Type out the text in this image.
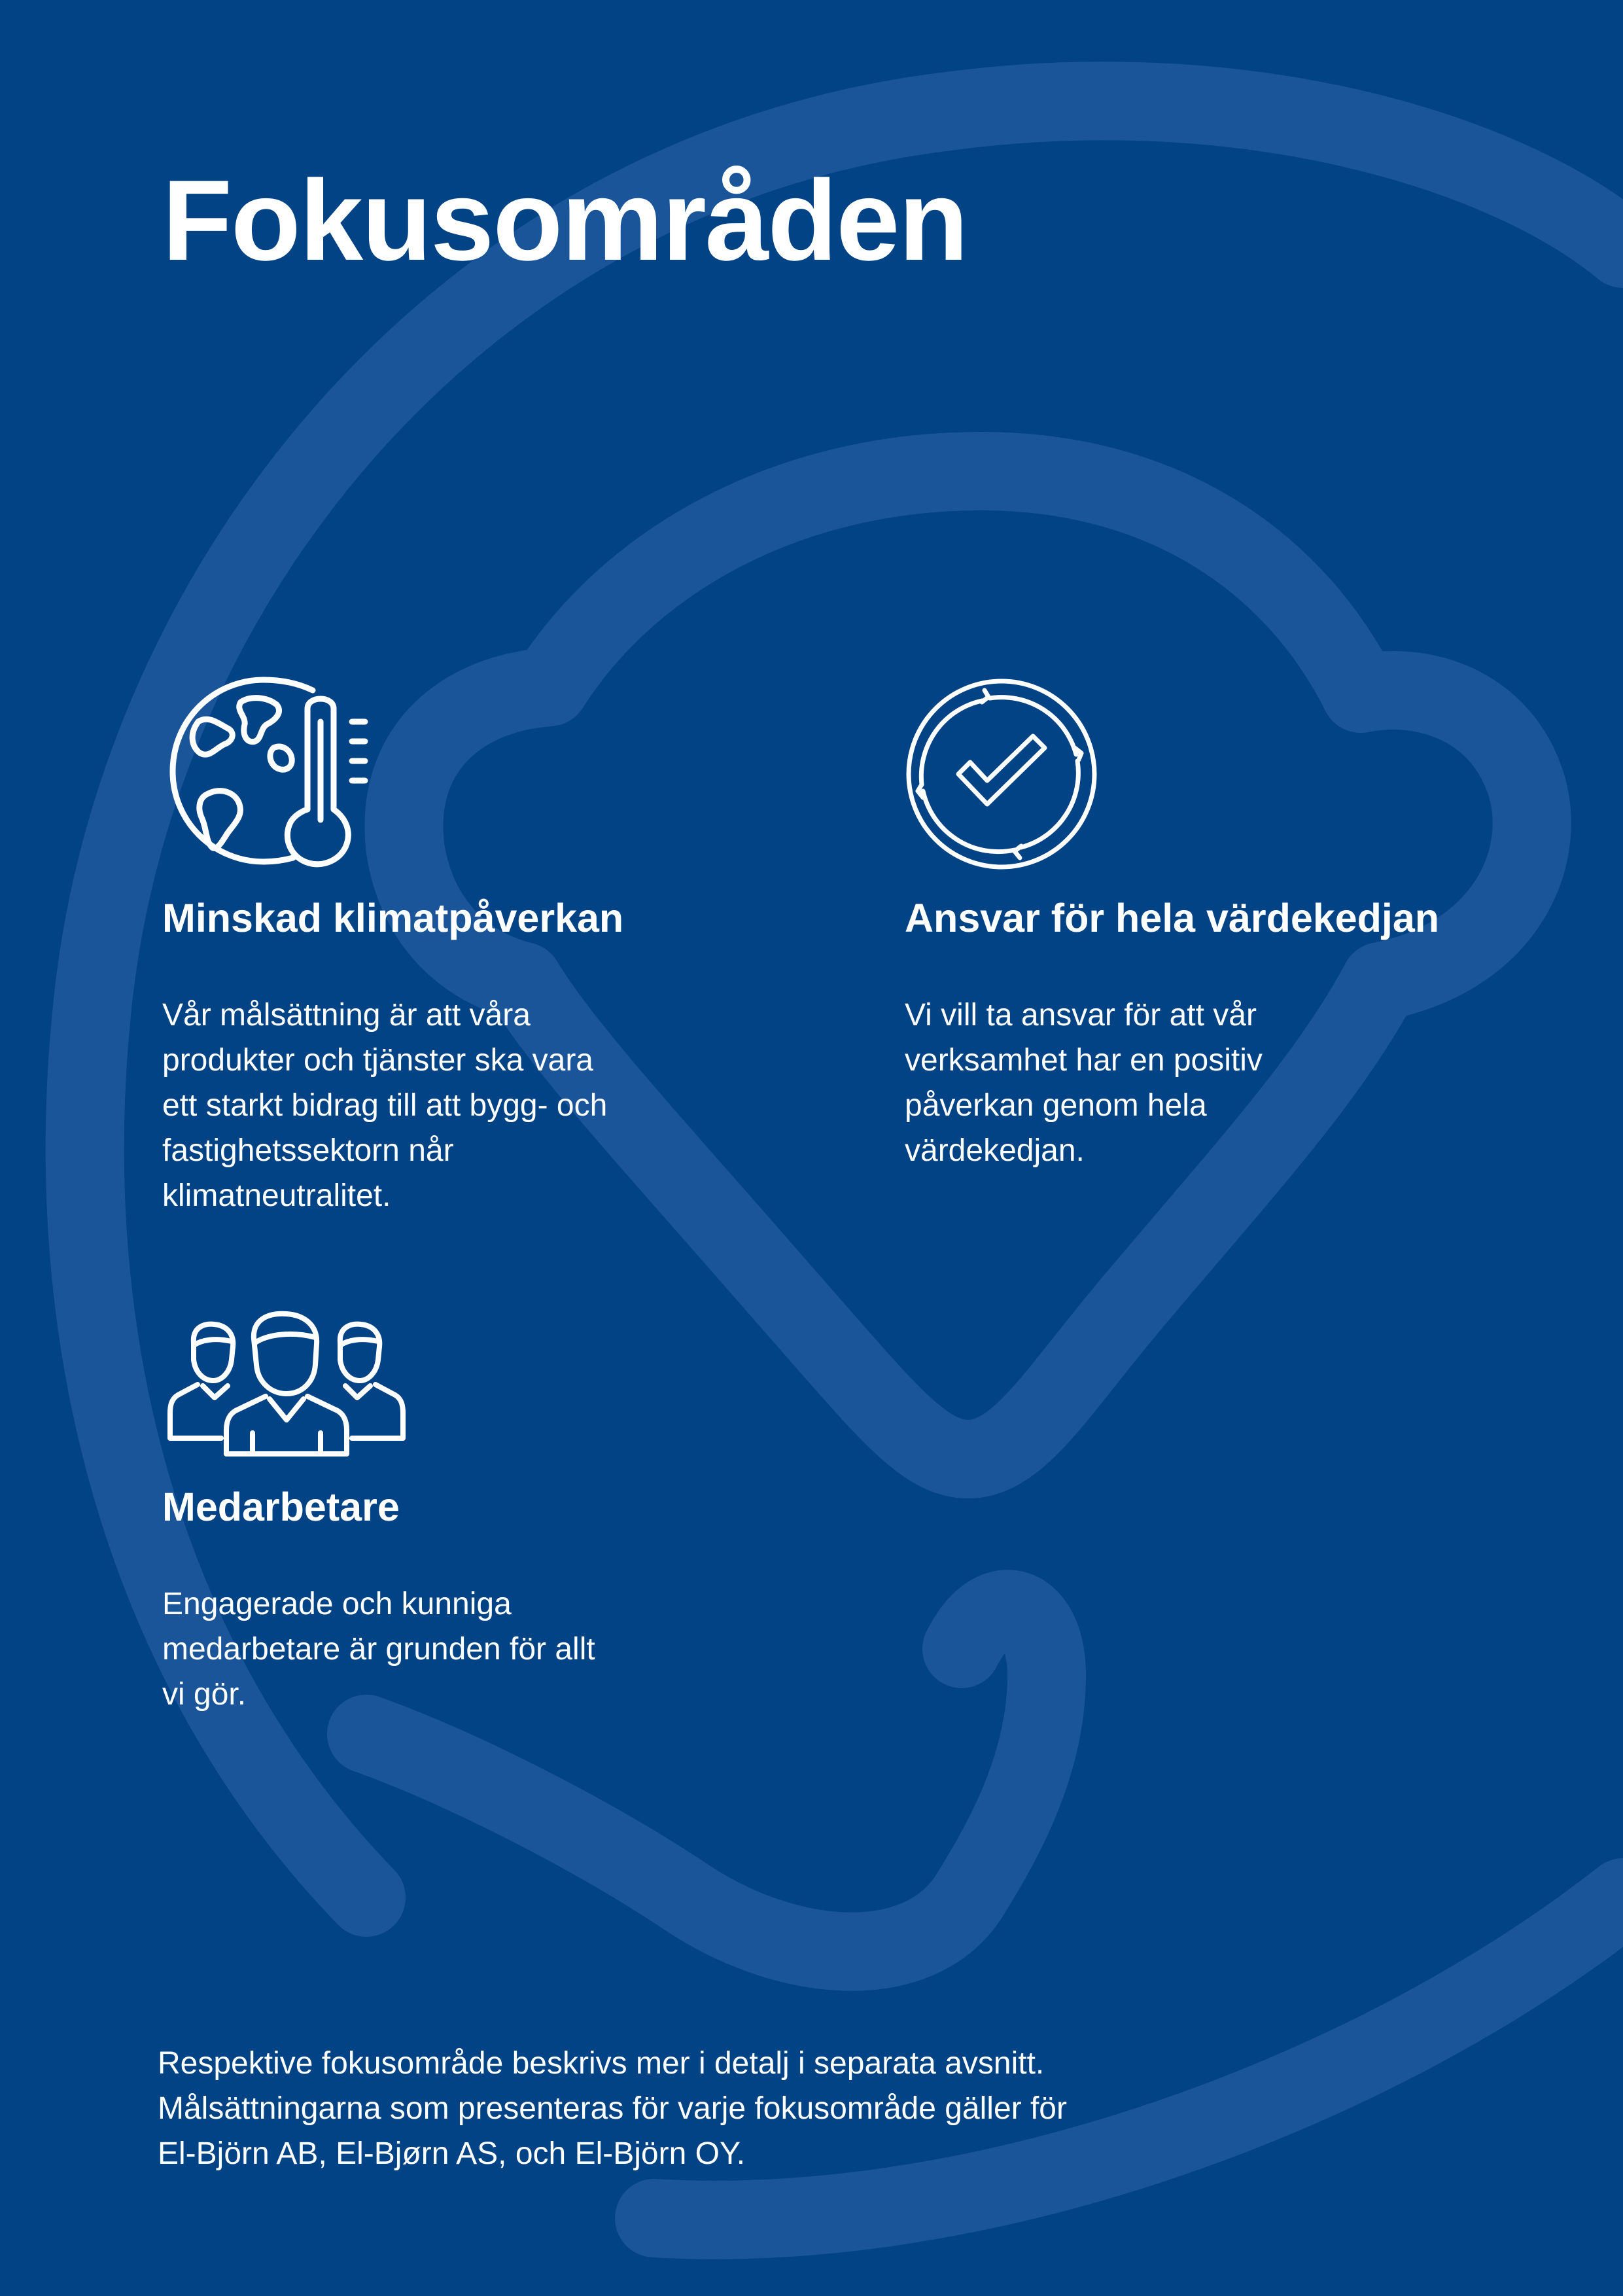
Fokusområden
Minskad klimatpåverkan

Vår målsättning är att våra
produkter och tjänster ska vara
ett starkt bidrag till att bygg- och
fastighetssektorn når
klimatneutralitet.

Ansvar för hela värdekedjan

Vi vill ta ansvar för att vår
verksamhet har en positiv
påverkan genom hela
värdekedjan.

Medarbetare

Engagerade och kunniga
medarbetare är grunden för allt
vi gör.

Respektive fokusområde beskrivs mer i detalj i separata avsnitt.
Målsättningarna som presenteras för varje fokusområde gäller för
El-Björn AB, El-Bjørn AS, och El-Björn OY.
